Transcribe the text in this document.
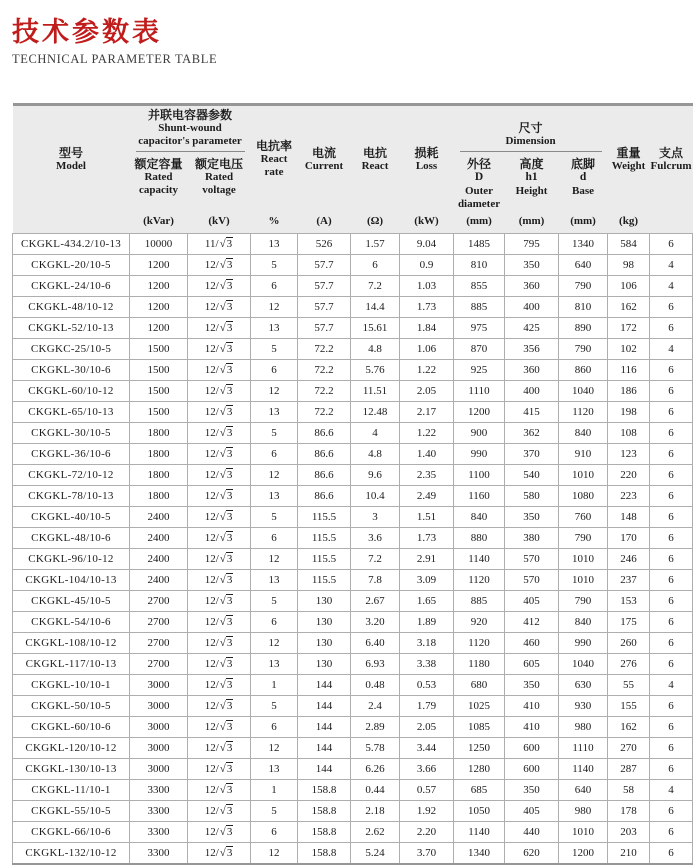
技术参数表
TECHNICAL PARAMETER TABLE
型号
Model	并联电容器参数
Shunt-wound
capacitor's parameter		电抗率
React
rate	电流
Current	电抗
React	损耗
Loss	尺寸
Dimension			重量
Weight	支点
Fulcrum

	额定容量
Rated
capacity	额定电压
Rated
voltage					外径
D
Outer
diameter	高度
h1
Height	底脚
d
Base		

	(kVar)	(kV)	%	(A)	(Ω)	(kW)	(mm)	(mm)	(mm)	(kg)	
CKGKL-434.2/10-13	10000	11/√3	13	526	1.57	9.04	1485	795	1340	584	6
CKGKL-20/10-5	1200	12/√3	5	57.7	6	0.9	810	350	640	98	4
CKGKL-24/10-6	1200	12/√3	6	57.7	7.2	1.03	855	360	790	106	4
CKGKL-48/10-12	1200	12/√3	12	57.7	14.4	1.73	885	400	810	162	6
CKGKL-52/10-13	1200	12/√3	13	57.7	15.61	1.84	975	425	890	172	6
CKGKC-25/10-5	1500	12/√3	5	72.2	4.8	1.06	870	356	790	102	4
CKGKL-30/10-6	1500	12/√3	6	72.2	5.76	1.22	925	360	860	116	6
CKGKL-60/10-12	1500	12/√3	12	72.2	11.51	2.05	1110	400	1040	186	6
CKGKL-65/10-13	1500	12/√3	13	72.2	12.48	2.17	1200	415	1120	198	6
CKGKL-30/10-5	1800	12/√3	5	86.6	4	1.22	900	362	840	108	6
CKGKL-36/10-6	1800	12/√3	6	86.6	4.8	1.40	990	370	910	123	6
CKGKL-72/10-12	1800	12/√3	12	86.6	9.6	2.35	1100	540	1010	220	6
CKGKL-78/10-13	1800	12/√3	13	86.6	10.4	2.49	1160	580	1080	223	6
CKGKL-40/10-5	2400	12/√3	5	115.5	3	1.51	840	350	760	148	6
CKGKL-48/10-6	2400	12/√3	6	115.5	3.6	1.73	880	380	790	170	6
CKGKL-96/10-12	2400	12/√3	12	115.5	7.2	2.91	1140	570	1010	246	6
CKGKL-104/10-13	2400	12/√3	13	115.5	7.8	3.09	1120	570	1010	237	6
CKGKL-45/10-5	2700	12/√3	5	130	2.67	1.65	885	405	790	153	6
CKGKL-54/10-6	2700	12/√3	6	130	3.20	1.89	920	412	840	175	6
CKGKL-108/10-12	2700	12/√3	12	130	6.40	3.18	1120	460	990	260	6
CKGKL-117/10-13	2700	12/√3	13	130	6.93	3.38	1180	605	1040	276	6
CKGKL-10/10-1	3000	12/√3	1	144	0.48	0.53	680	350	630	55	4
CKGKL-50/10-5	3000	12/√3	5	144	2.4	1.79	1025	410	930	155	6
CKGKL-60/10-6	3000	12/√3	6	144	2.89	2.05	1085	410	980	162	6
CKGKL-120/10-12	3000	12/√3	12	144	5.78	3.44	1250	600	1110	270	6
CKGKL-130/10-13	3000	12/√3	13	144	6.26	3.66	1280	600	1140	287	6
CKGKL-11/10-1	3300	12/√3	1	158.8	0.44	0.57	685	350	640	58	4
CKGKL-55/10-5	3300	12/√3	5	158.8	2.18	1.92	1050	405	980	178	6
CKGKL-66/10-6	3300	12/√3	6	158.8	2.62	2.20	1140	440	1010	203	6
CKGKL-132/10-12	3300	12/√3	12	158.8	5.24	3.70	1340	620	1200	210	6
